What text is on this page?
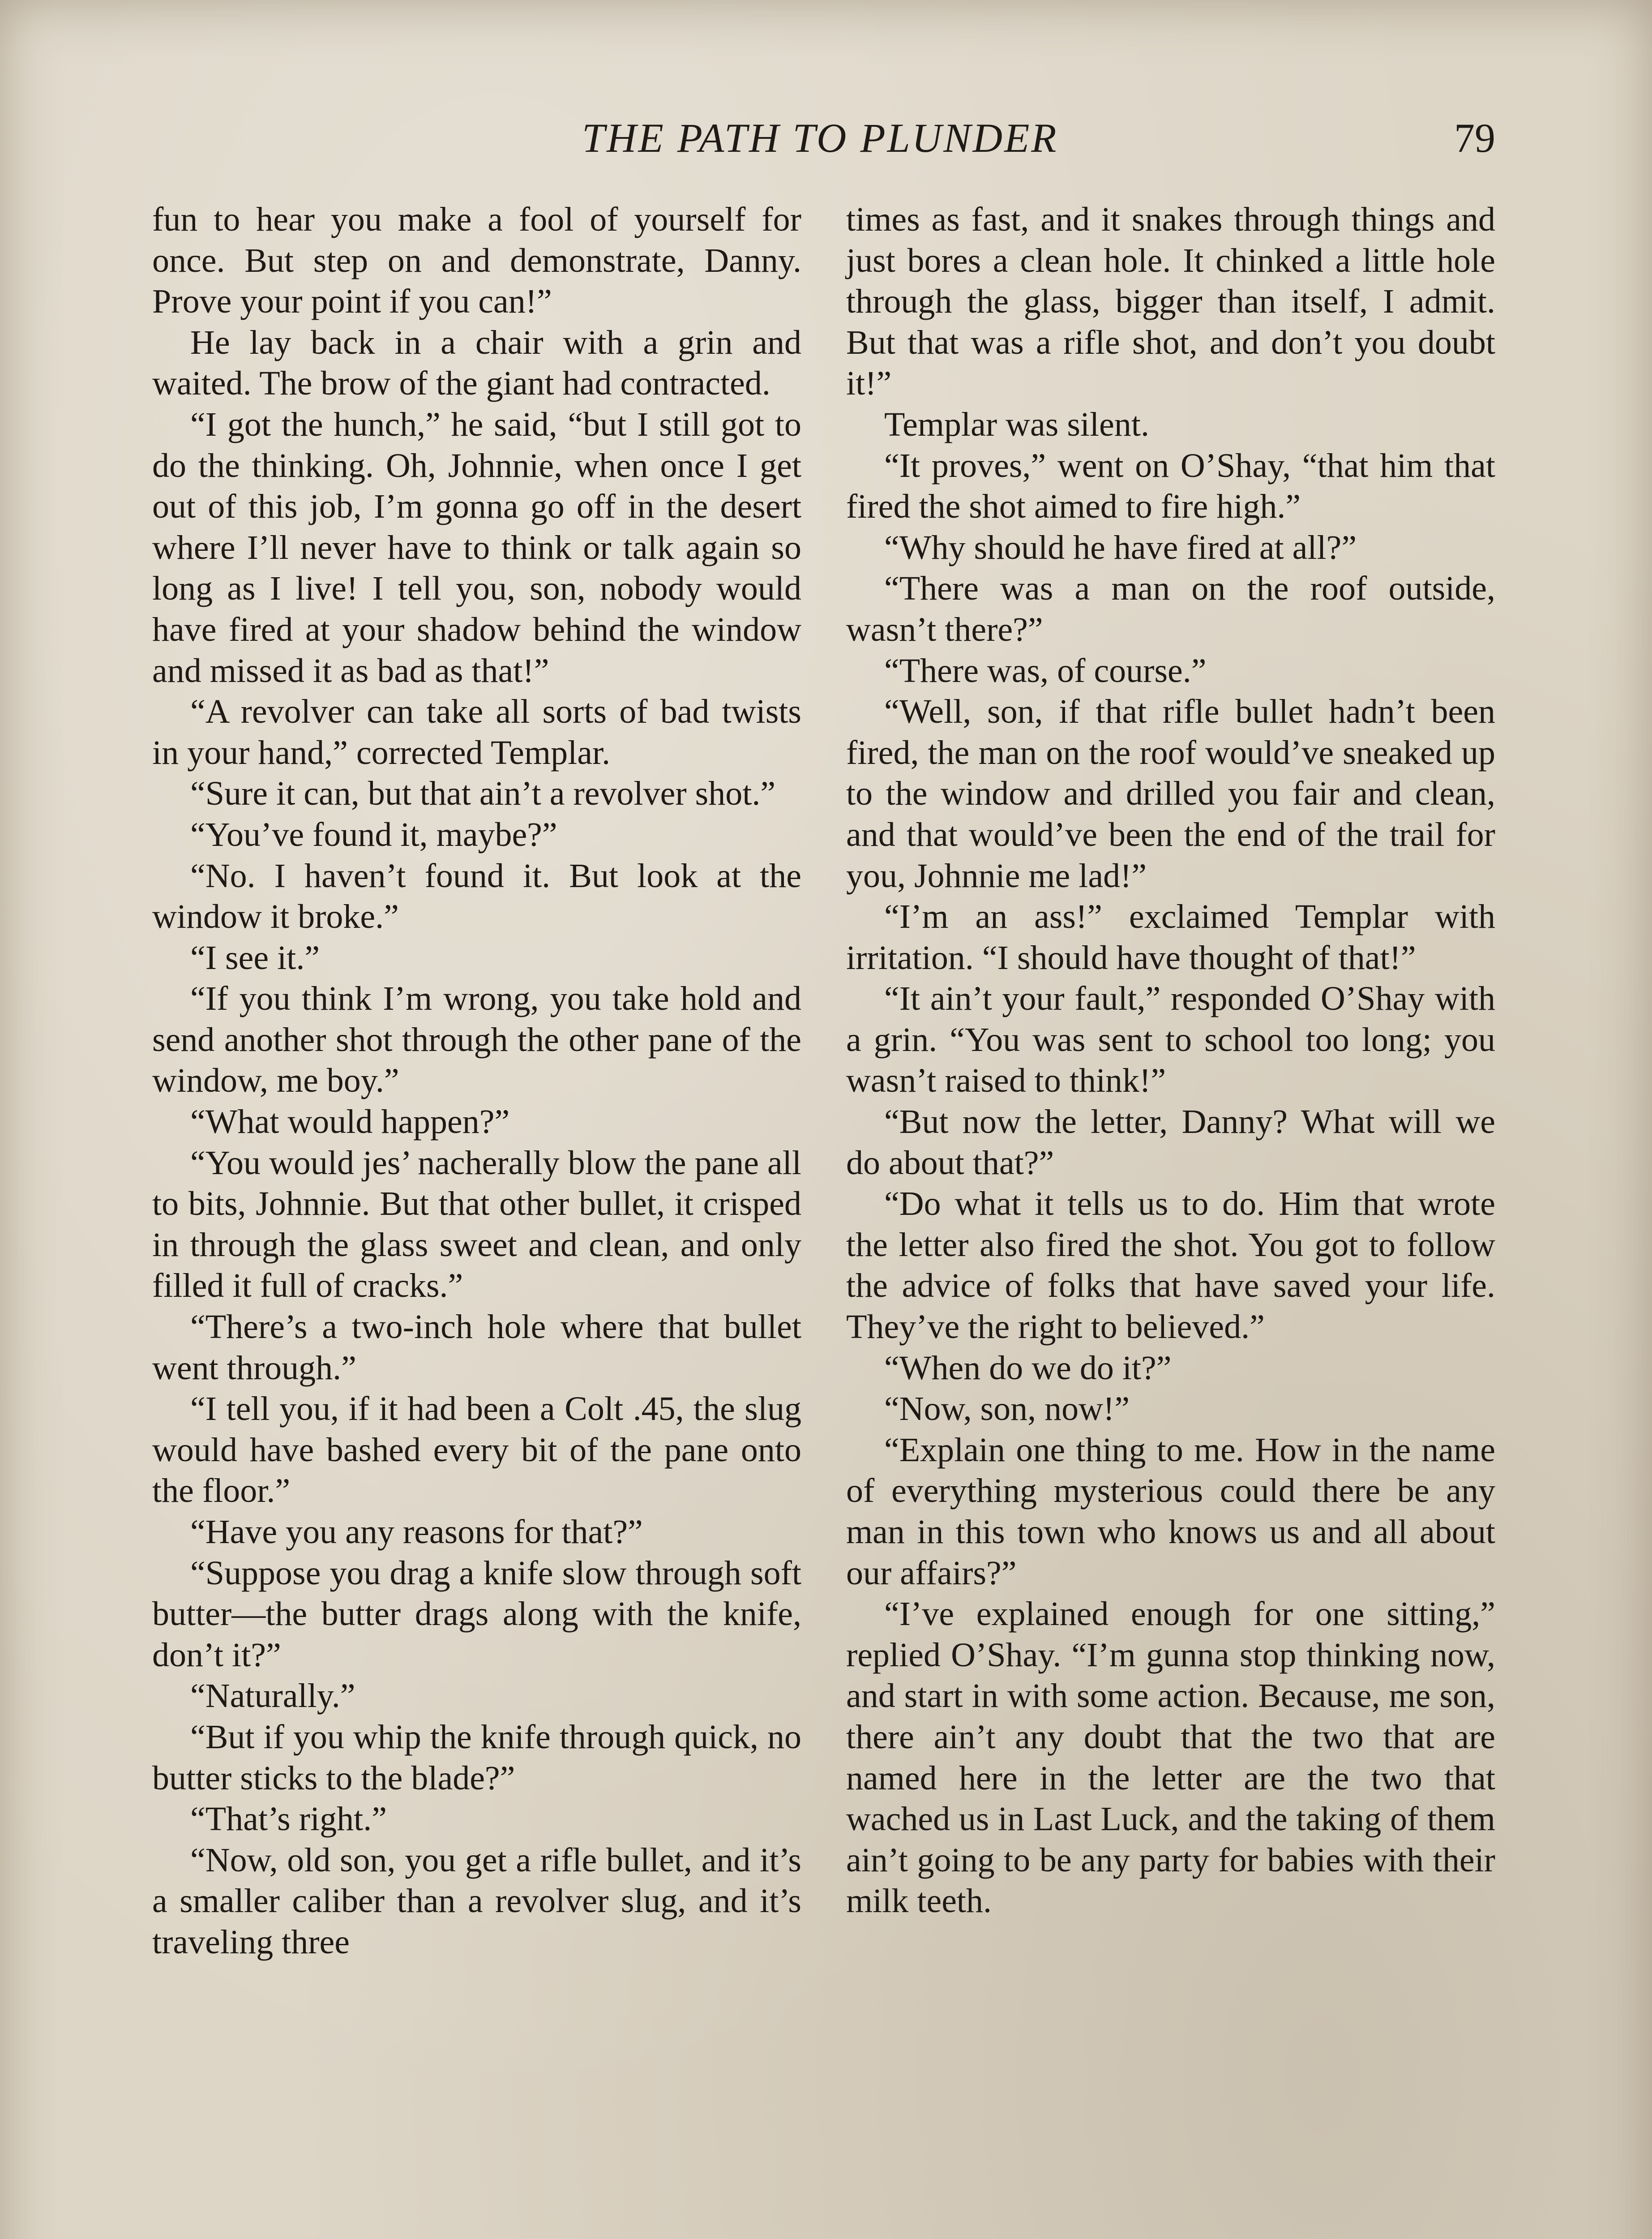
THE PATH TO PLUNDER	79

fun to hear you make a fool of yourself for once. But step on and demonstrate, Danny. Prove your point if you can!”

He lay back in a chair with a grin and waited. The brow of the giant had contracted.

“I got the hunch,” he said, “but I still got to do the thinking. Oh, Johnnie, when once I get out of this job, I’m gonna go off in the desert where I’ll never have to think or talk again so long as I live! I tell you, son, nobody would have fired at your shadow behind the window and missed it as bad as that!”

“A revolver can take all sorts of bad twists in your hand,” corrected Templar.

“Sure it can, but that ain’t a revolver shot.”

“You’ve found it, maybe?”

“No. I haven’t found it. But look at the window it broke.”

“I see it.”

“If you think I’m wrong, you take hold and send another shot through the other pane of the window, me boy.”

“What would happen?”

“You would jes’ nacherally blow the pane all to bits, Johnnie. But that other bullet, it crisped in through the glass sweet and clean, and only filled it full of cracks.”

“There’s a two-inch hole where that bullet went through.”

“I tell you, if it had been a Colt .45, the slug would have bashed every bit of the pane onto the floor.”

“Have you any reasons for that?”

“Suppose you drag a knife slow through soft butter—the butter drags along with the knife, don’t it?”

“Naturally.”

“But if you whip the knife through quick, no butter sticks to the blade?”

“That’s right.”

“Now, old son, you get a rifle bullet, and it’s a smaller caliber than a revolver slug, and it’s traveling three

times as fast, and it snakes through things and just bores a clean hole. It chinked a little hole through the glass, bigger than itself, I admit. But that was a rifle shot, and don’t you doubt it!”

Templar was silent.

“It proves,” went on O’Shay, “that him that fired the shot aimed to fire high.”

“Why should he have fired at all?”

“There was a man on the roof outside, wasn’t there?”

“There was, of course.”

“Well, son, if that rifle bullet hadn’t been fired, the man on the roof would’ve sneaked up to the window and drilled you fair and clean, and that would’ve been the end of the trail for you, Johnnie me lad!”

“I’m an ass!” exclaimed Templar with irritation. “I should have thought of that!”

“It ain’t your fault,” responded O’Shay with a grin. “You was sent to school too long; you wasn’t raised to think!”

“But now the letter, Danny? What will we do about that?”

“Do what it tells us to do. Him that wrote the letter also fired the shot. You got to follow the advice of folks that have saved your life. They’ve the right to believed.”

“When do we do it?”

“Now, son, now!”

“Explain one thing to me. How in the name of everything mysterious could there be any man in this town who knows us and all about our affairs?”

“I’ve explained enough for one sitting,” replied O’Shay. “I’m gunna stop thinking now, and start in with some action. Because, me son, there ain’t any doubt that the two that are named here in the letter are the two that wached us in Last Luck, and the taking of them ain’t going to be any party for babies with their milk teeth.
